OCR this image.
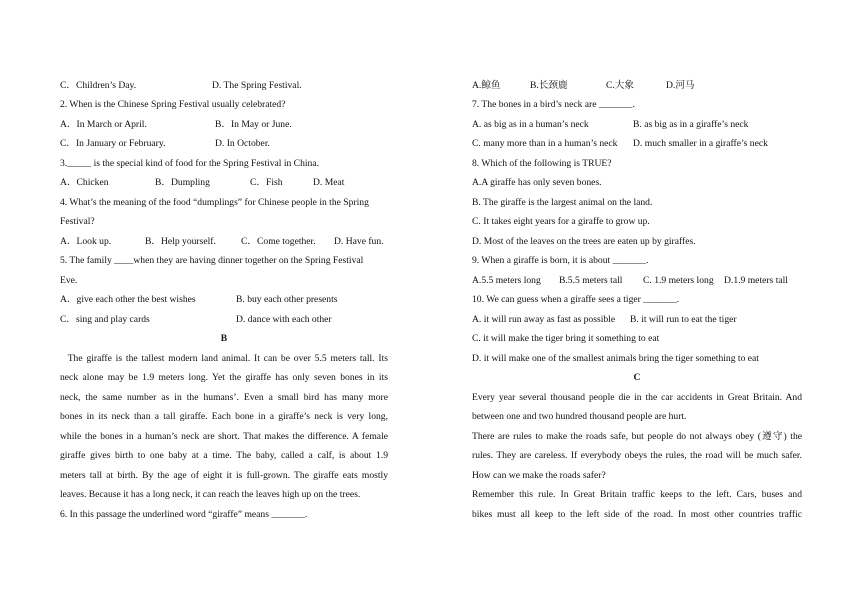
C．Children’s Day.	D. The Spring Festival.
2. When is the Chinese Spring Festival usually celebrated?
A．In March or April.	B．In May or June.
C．In January or February.	D. In October.
3._____ is the special kind of food for the Spring Festival in China.
A．Chicken	B．Dumpling	C．Fish	D. Meat
4. What’s the meaning of the food “dumplings” for Chinese people in the Spring
Festival?
A．Look up.	B．Help yourself.	C．Come together. D. Have fun.
5. The family ____when they are having dinner together on the Spring Festival
Eve.
A．give each other the best wishes	B. buy each other presents
C．sing and play cards	D. dance with each other
B
The giraffe is the tallest modern land animal. It can be over 5.5 meters tall. Its
neck alone may be 1.9 meters long. Yet the giraffe has only seven bones in its
neck, the same number as in the humans’. Even a small bird has many more
bones in its neck than a tall giraffe. Each bone in a giraffe’s neck is very long,
while the bones in a human’s neck are short. That makes the difference. A female
giraffe gives birth to one baby at a time. The baby, called a calf, is about 1.9
meters tall at birth. By the age of eight it is full-grown. The giraffe eats mostly
leaves. Because it has a long neck, it can reach the leaves high up on the trees.
6. In this passage the underlined word “giraffe” means _______.
A.鲸鱼	B.长颈鹿	C.大象	D.河马
7. The bones in a bird’s neck are _______.
A. as big as in a human’s neck	B. as big as in a giraffe’s neck
C. many more than in a human’s neck D. much smaller in a giraffe’s neck
8. Which of the following is TRUE?
A.A giraffe has only seven bones.
B. The giraffe is the largest animal on the land.
C. It takes eight years for a giraffe to grow up.
D. Most of the leaves on the trees are eaten up by giraffes.
9. When a giraffe is born, it is about _______.
A.5.5 meters long B.5.5 meters tall C. 1.9 meters long D.1.9 meters tall
10. We can guess when a giraffe sees a tiger _______.
A. it will run away as fast as possible B. it will run to eat the tiger
C. it will make the tiger bring it something to eat
D. it will make one of the smallest animals bring the tiger something to eat
C
Every year several thousand people die in the car accidents in Great Britain. And
between one and two hundred thousand people are hurt.
There are rules to make the roads safe, but people do not always obey (遵守) the
rules. They are careless. If everybody obeys the rules, the road will be much safer.
How can we make the roads safer?
Remember this rule. In Great Britain traffic keeps to the left. Cars, buses and
bikes must all keep to the left side of the road. In most other countries traffic
